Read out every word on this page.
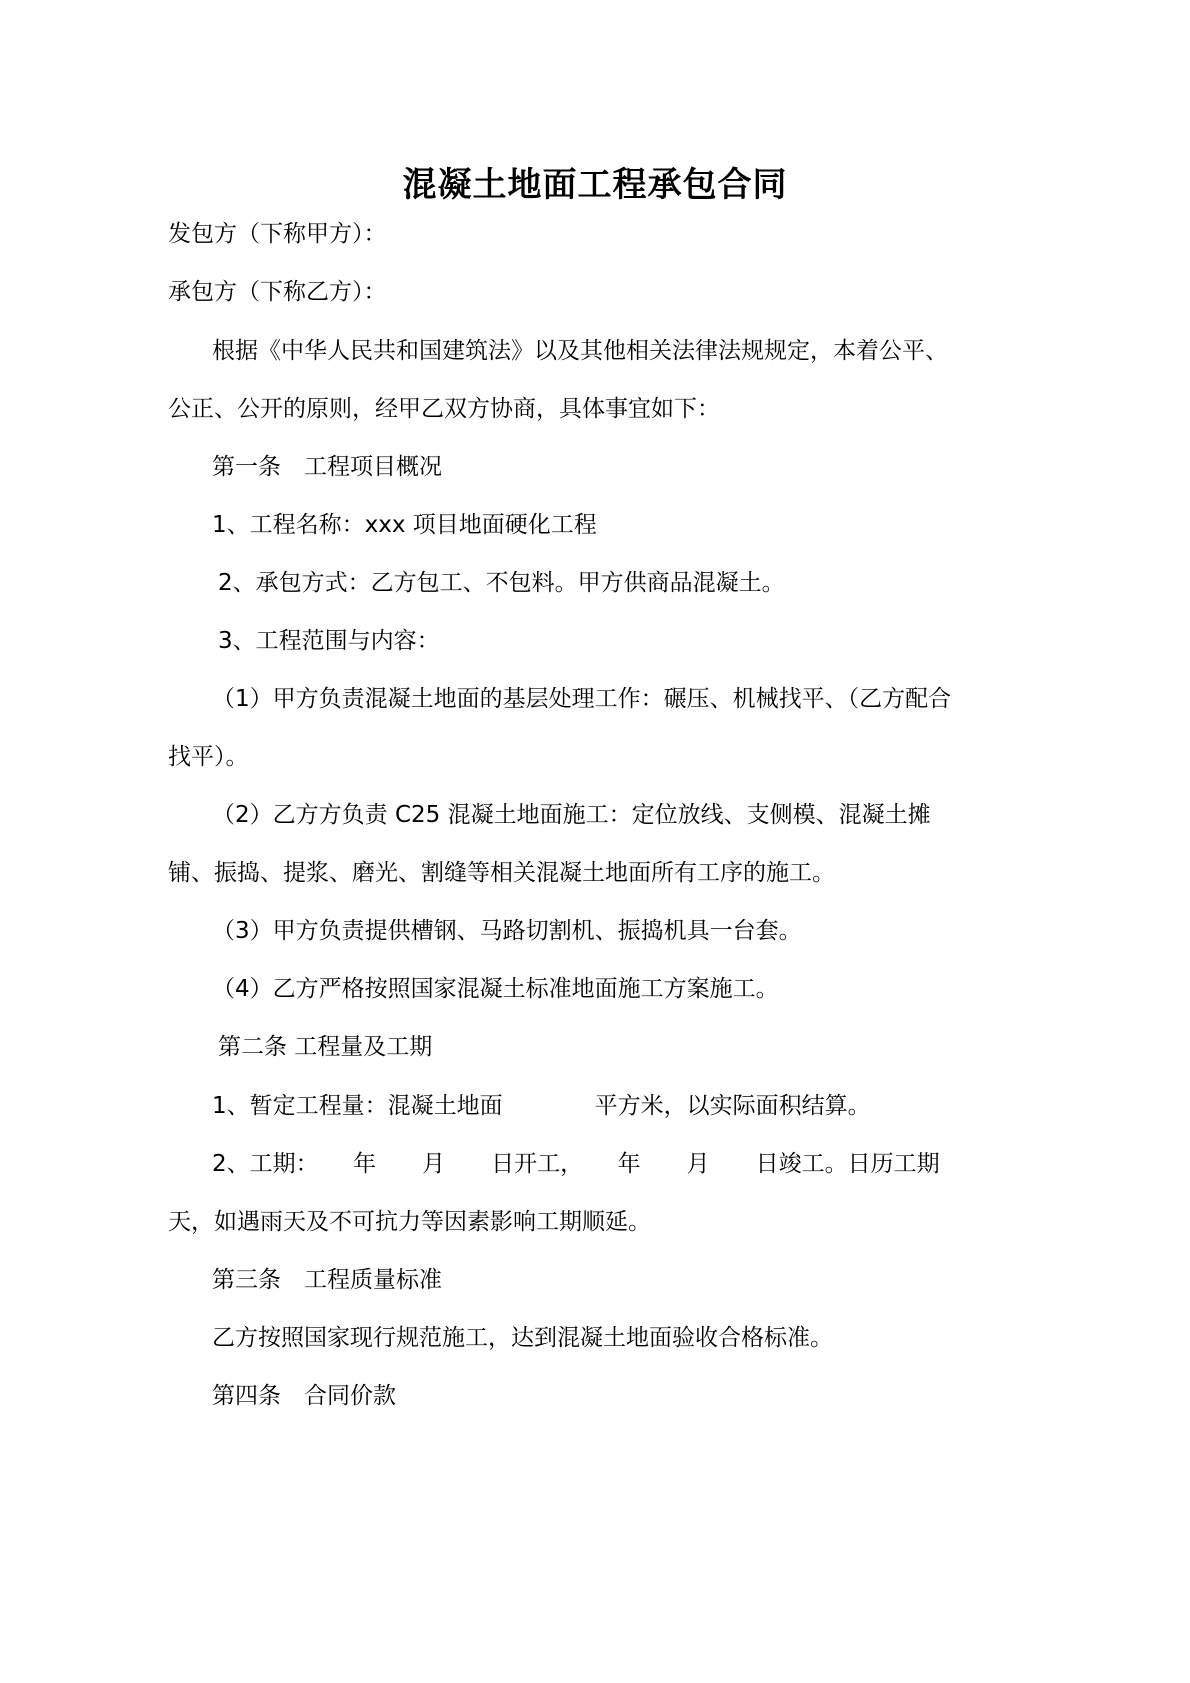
混凝土地面工程承包合同
发包方（下称甲方）：
承包方（下称乙方）：
根据《中华人民共和国建筑法》以及其他相关法律法规规定，本着公平、
公正、公开的原则，经甲乙双方协商，具体事宜如下：
第一条　工程项目概况
1、工程名称：xxx 项目地面硬化工程
2、承包方式：乙方包工、不包料。甲方供商品混凝土。
3、工程范围与内容：
（1）甲方负责混凝土地面的基层处理工作：碾压、机械找平、（乙方配合
找平）。
（2）乙方方负责 C25 混凝土地面施工：定位放线、支侧模、混凝土摊
铺、振捣、提浆、磨光、割缝等相关混凝土地面所有工序的施工。
（3）甲方负责提供槽钢、马路切割机、振捣机具一台套。
（4）乙方严格按照国家混凝土标准地面施工方案施工。
第二条 工程量及工期
1、暂定工程量：混凝土地面　　　　平方米，以实际面积结算。
2、工期：　　年　　月　　日开工，　　年　　月　　日竣工。日历工期
天，如遇雨天及不可抗力等因素影响工期顺延。
第三条　工程质量标准
乙方按照国家现行规范施工，达到混凝土地面验收合格标准。
第四条　合同价款
